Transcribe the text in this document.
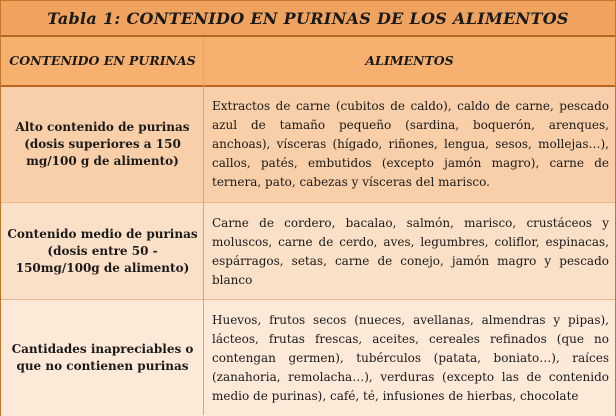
Tabla 1: CONTENIDO EN PURINAS DE LOS ALIMENTOS
CONTENIDO EN PURINAS	ALIMENTOS
Alto contenido de purinas (dosis superiores a 150 mg/100 g de alimento)
Extractos de carne (cubitos de caldo), caldo de carne, pescado azul de tamaño pequeño (sardina, boquerón, arenques, anchoas), vísceras (hígado, riñones, lengua, sesos, mollejas…), callos, patés, embutidos (excepto jamón magro), carne de ternera, pato, cabezas y vísceras del marisco.
Contenido medio de purinas (dosis entre 50 - 150mg/100g de alimento)
Carne de cordero, bacalao, salmón, marisco, crustáceos y moluscos, carne de cerdo, aves, legumbres, coliflor, espinacas, espárragos, setas, carne de conejo, jamón magro y pescado blanco
Cantidades inapreciables o que no contienen purinas
Huevos, frutos secos (nueces, avellanas, almendras y pipas), lácteos, frutas frescas, aceites, cereales refinados (que no contengan germen), tubérculos (patata, boniato…), raíces (zanahoria, remolacha…), verduras (excepto las de contenido medio de purinas), café, té, infusiones de hierbas, chocolate
